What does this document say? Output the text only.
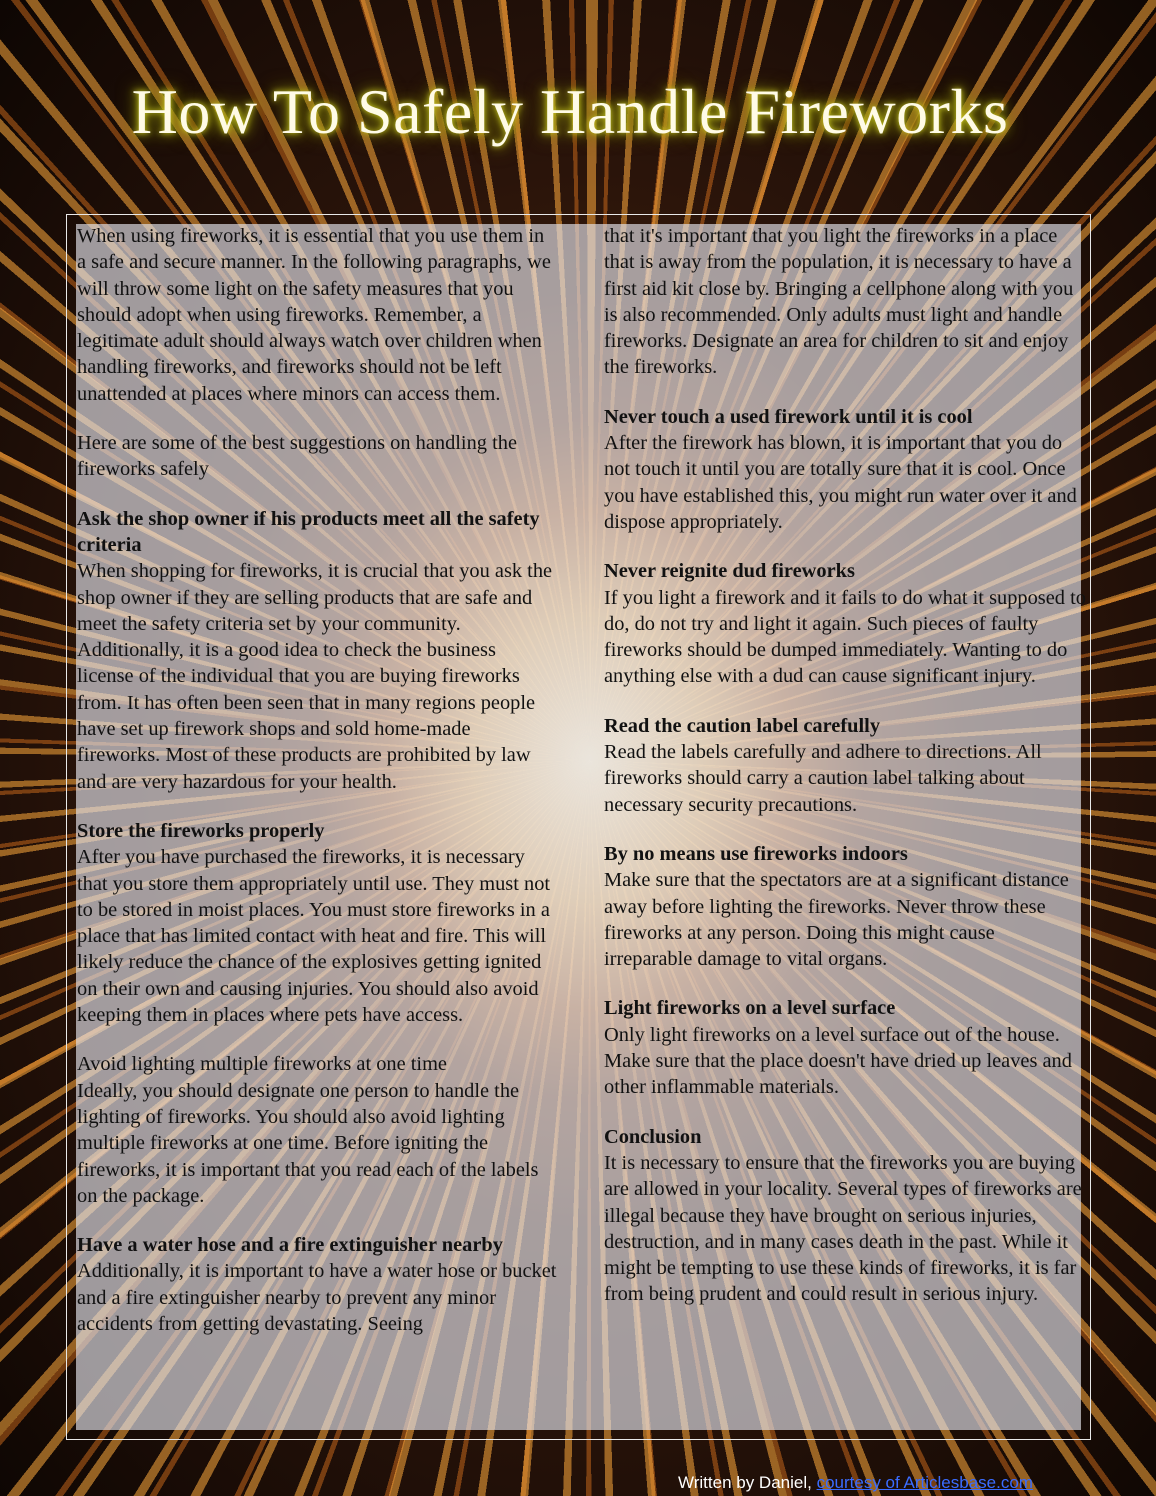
How To Safely Handle Fireworks

When using fireworks, it is essential that you use them in a safe and secure manner. In the following paragraphs, we will throw some light on the safety measures that you should adopt when using fireworks. Remember, a legitimate adult should always watch over children when handling fireworks, and fireworks should not be left unattended at places where minors can access them.

Here are some of the best suggestions on handling the fireworks safely

Ask the shop owner if his products meet all the safety criteria
When shopping for fireworks, it is crucial that you ask the shop owner if they are selling products that are safe and meet the safety criteria set by your community. Additionally, it is a good idea to check the business license of the individual that you are buying fireworks from. It has often been seen that in many regions people have set up firework shops and sold home-made fireworks. Most of these products are prohibited by law and are very hazardous for your health.

Store the fireworks properly
After you have purchased the fireworks, it is necessary that you store them appropriately until use. They must not to be stored in moist places. You must store fireworks in a place that has limited contact with heat and fire. This will likely reduce the chance of the explosives getting ignited on their own and causing injuries. You should also avoid keeping them in places where pets have access.

Avoid lighting multiple fireworks at one time
Ideally, you should designate one person to handle the lighting of fireworks. You should also avoid lighting multiple fireworks at one time. Before igniting the fireworks, it is important that you read each of the labels on the package.

Have a water hose and a fire extinguisher nearby
Additionally, it is important to have a water hose or bucket and a fire extinguisher nearby to prevent any minor accidents from getting devastating. Seeing

that it's important that you light the fireworks in a place that is away from the population, it is necessary to have a first aid kit close by. Bringing a cellphone along with you is also recommended. Only adults must light and handle fireworks. Designate an area for children to sit and enjoy the fireworks.

Never touch a used firework until it is cool
After the firework has blown, it is important that you do not touch it until you are totally sure that it is cool. Once you have established this, you might run water over it and dispose appropriately.

Never reignite dud fireworks
If you light a firework and it fails to do what it supposed to do, do not try and light it again. Such pieces of faulty fireworks should be dumped immediately. Wanting to do anything else with a dud can cause significant injury.

Read the caution label carefully
Read the labels carefully and adhere to directions. All fireworks should carry a caution label talking about necessary security precautions.

By no means use fireworks indoors
Make sure that the spectators are at a significant distance away before lighting the fireworks. Never throw these fireworks at any person. Doing this might cause irreparable damage to vital organs.

Light fireworks on a level surface
Only light fireworks on a level surface out of the house. Make sure that the place doesn't have dried up leaves and other inflammable materials.

Conclusion
It is necessary to ensure that the fireworks you are buying are allowed in your locality. Several types of fireworks are illegal because they have brought on serious injuries, destruction, and in many cases death in the past. While it might be tempting to use these kinds of fireworks, it is far from being prudent and could result in serious injury.

Written by Daniel, courtesy of Articlesbase.com
